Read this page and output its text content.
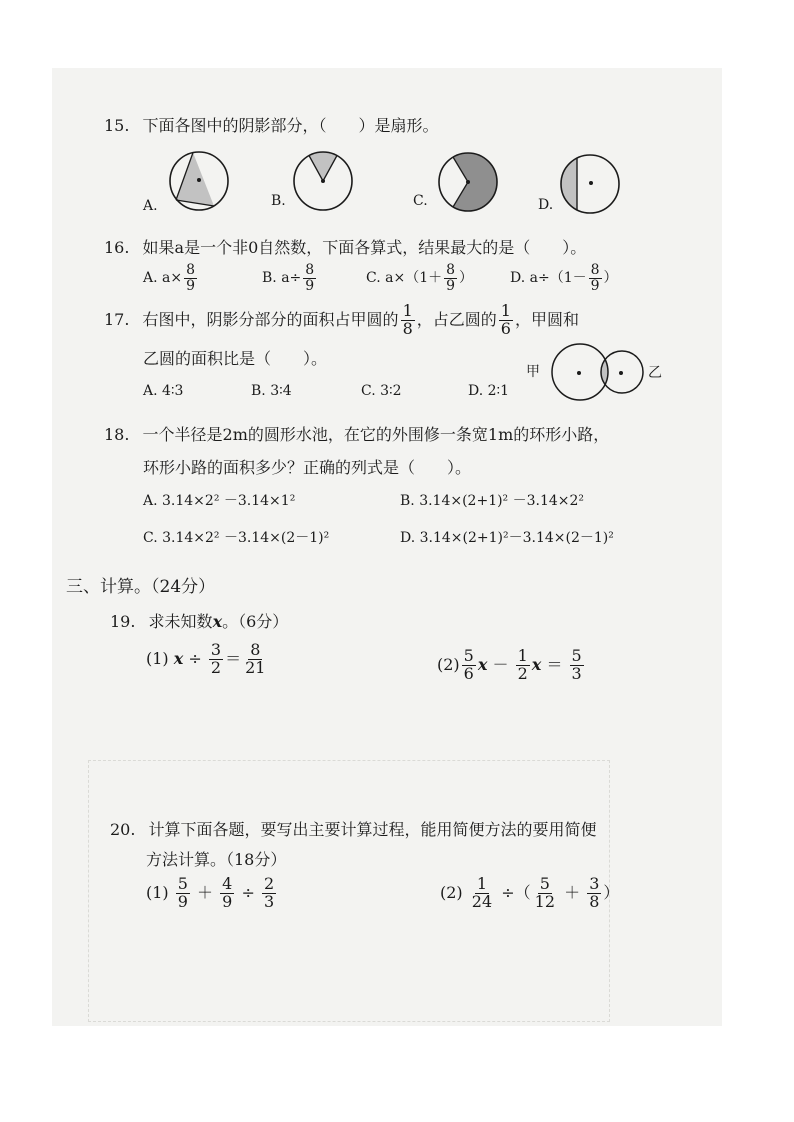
15. 下面各图中的阴影部分，（　　）是扇形。
A.	B.	C.	D.
16. 如果a是一个非0自然数，下面各算式，结果最大的是（　　）。
A. $a\times \frac{8}{9}$	B. $a\div \frac{8}{9}$	C. $a\times(1+ \frac{8}{9}$ ）	D. $a\div(1- \frac{8}{9}$ ）
17. 右图中，阴影分部分的面积占甲圆的 $\frac{1}{8}$ ，占乙圆的 $\frac{1}{6}$ ，甲圆和
乙圆的面积比是（　　）。
甲	乙
A. 4∶3	B. 3∶4	C. 3∶2	D. 2∶1
18. 一个半径是2m的圆形水池，在它的外围修一条宽1m的环形小路，
环形小路的面积多少？正确的列式是（　　）。
A. 3.14×2² －3.14×1²	B. 3.14×(2+1)² －3.14×2²
C. 3.14×2² －3.14×(2－1)²	D. 3.14×(2+1)²－3.14×(2－1)²
三、计算。（24分）
19. 求未知数x。（6分）
(1) $x \div \frac{3}{2} = \frac{8}{21}$	$(2) \frac{5}{6}$ $x - \frac{1}{2}$ $x = \frac{5}{3}$
20. 计算下面各题，要写出主要计算过程，能用简便方法的要用简便
方法计算。（18分）
$(1) \frac{5}{9} + \frac{4}{9} \div \frac{2}{3}$	$(2) \frac{1}{24}$ ÷（ $\frac{5}{12} + \frac{3}{8}$ ）
